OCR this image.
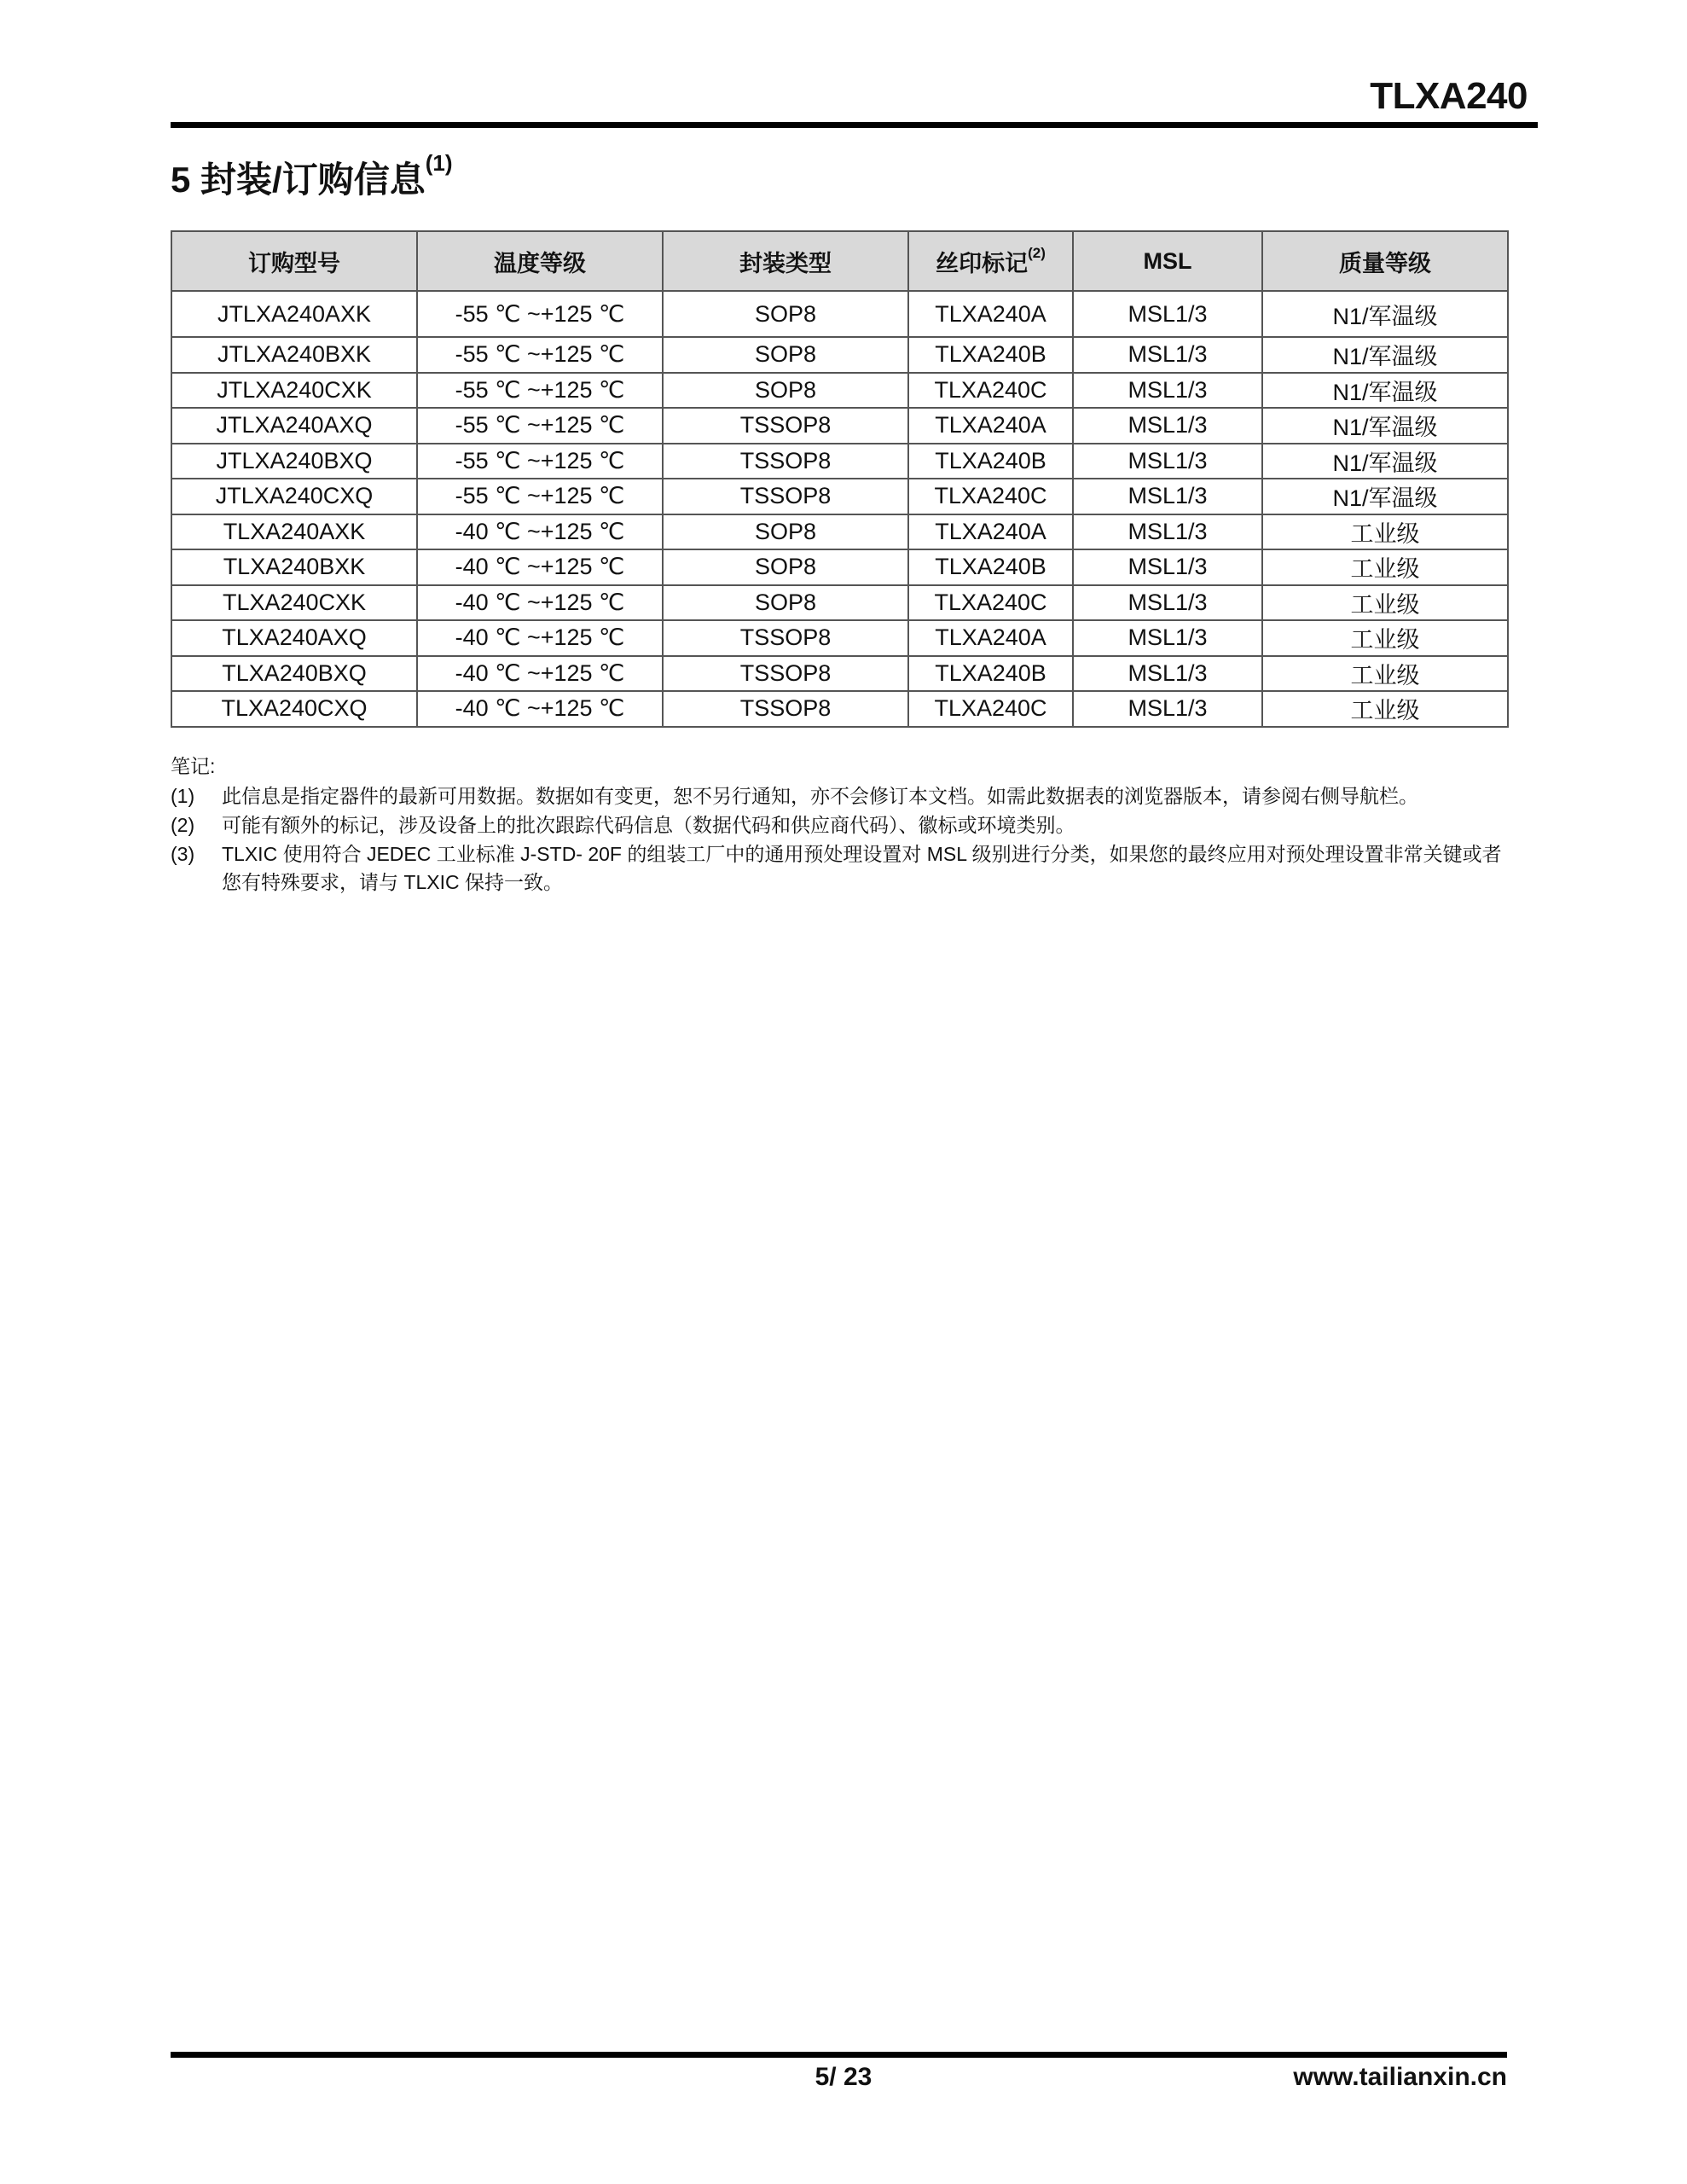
TLXA240
5 封装/订购信息$^{(1)}$
订购型号	温度等级	封装类型	丝印标记$^{(2)}$	MSL	质量等级
JTLXA240AXK	-55 ℃ ~+125 ℃	SOP8	TLXA240A	MSL1/3	N1/军温级
JTLXA240BXK	-55 ℃ ~+125 ℃	SOP8	TLXA240B	MSL1/3	N1/军温级
JTLXA240CXK	-55 ℃ ~+125 ℃	SOP8	TLXA240C	MSL1/3	N1/军温级
JTLXA240AXQ	-55 ℃ ~+125 ℃	TSSOP8	TLXA240A	MSL1/3	N1/军温级
JTLXA240BXQ	-55 ℃ ~+125 ℃	TSSOP8	TLXA240B	MSL1/3	N1/军温级
JTLXA240CXQ	-55 ℃ ~+125 ℃	TSSOP8	TLXA240C	MSL1/3	N1/军温级
TLXA240AXK	-40 ℃ ~+125 ℃	SOP8	TLXA240A	MSL1/3	工业级
TLXA240BXK	-40 ℃ ~+125 ℃	SOP8	TLXA240B	MSL1/3	工业级
TLXA240CXK	-40 ℃ ~+125 ℃	SOP8	TLXA240C	MSL1/3	工业级
TLXA240AXQ	-40 ℃ ~+125 ℃	TSSOP8	TLXA240A	MSL1/3	工业级
TLXA240BXQ	-40 ℃ ~+125 ℃	TSSOP8	TLXA240B	MSL1/3	工业级
TLXA240CXQ	-40 ℃ ~+125 ℃	TSSOP8	TLXA240C	MSL1/3	工业级
笔记:
(1)	此信息是指定器件的最新可用数据。数据如有变更，恕不另行通知，亦不会修订本文档。如需此数据表的浏览器版本，请参阅右侧导航栏。
(2)	可能有额外的标记，涉及设备上的批次跟踪代码信息（数据代码和供应商代码）、徽标或环境类别。
(3)	TLXIC 使用符合 JEDEC 工业标准 J-STD- 20F 的组装工厂中的通用预处理设置对 MSL 级别进行分类，如果您的最终应用对预处理设置非常关键或者您有特殊要求，请与 TLXIC 保持一致。
5/ 23	www.tailianxin.cn
